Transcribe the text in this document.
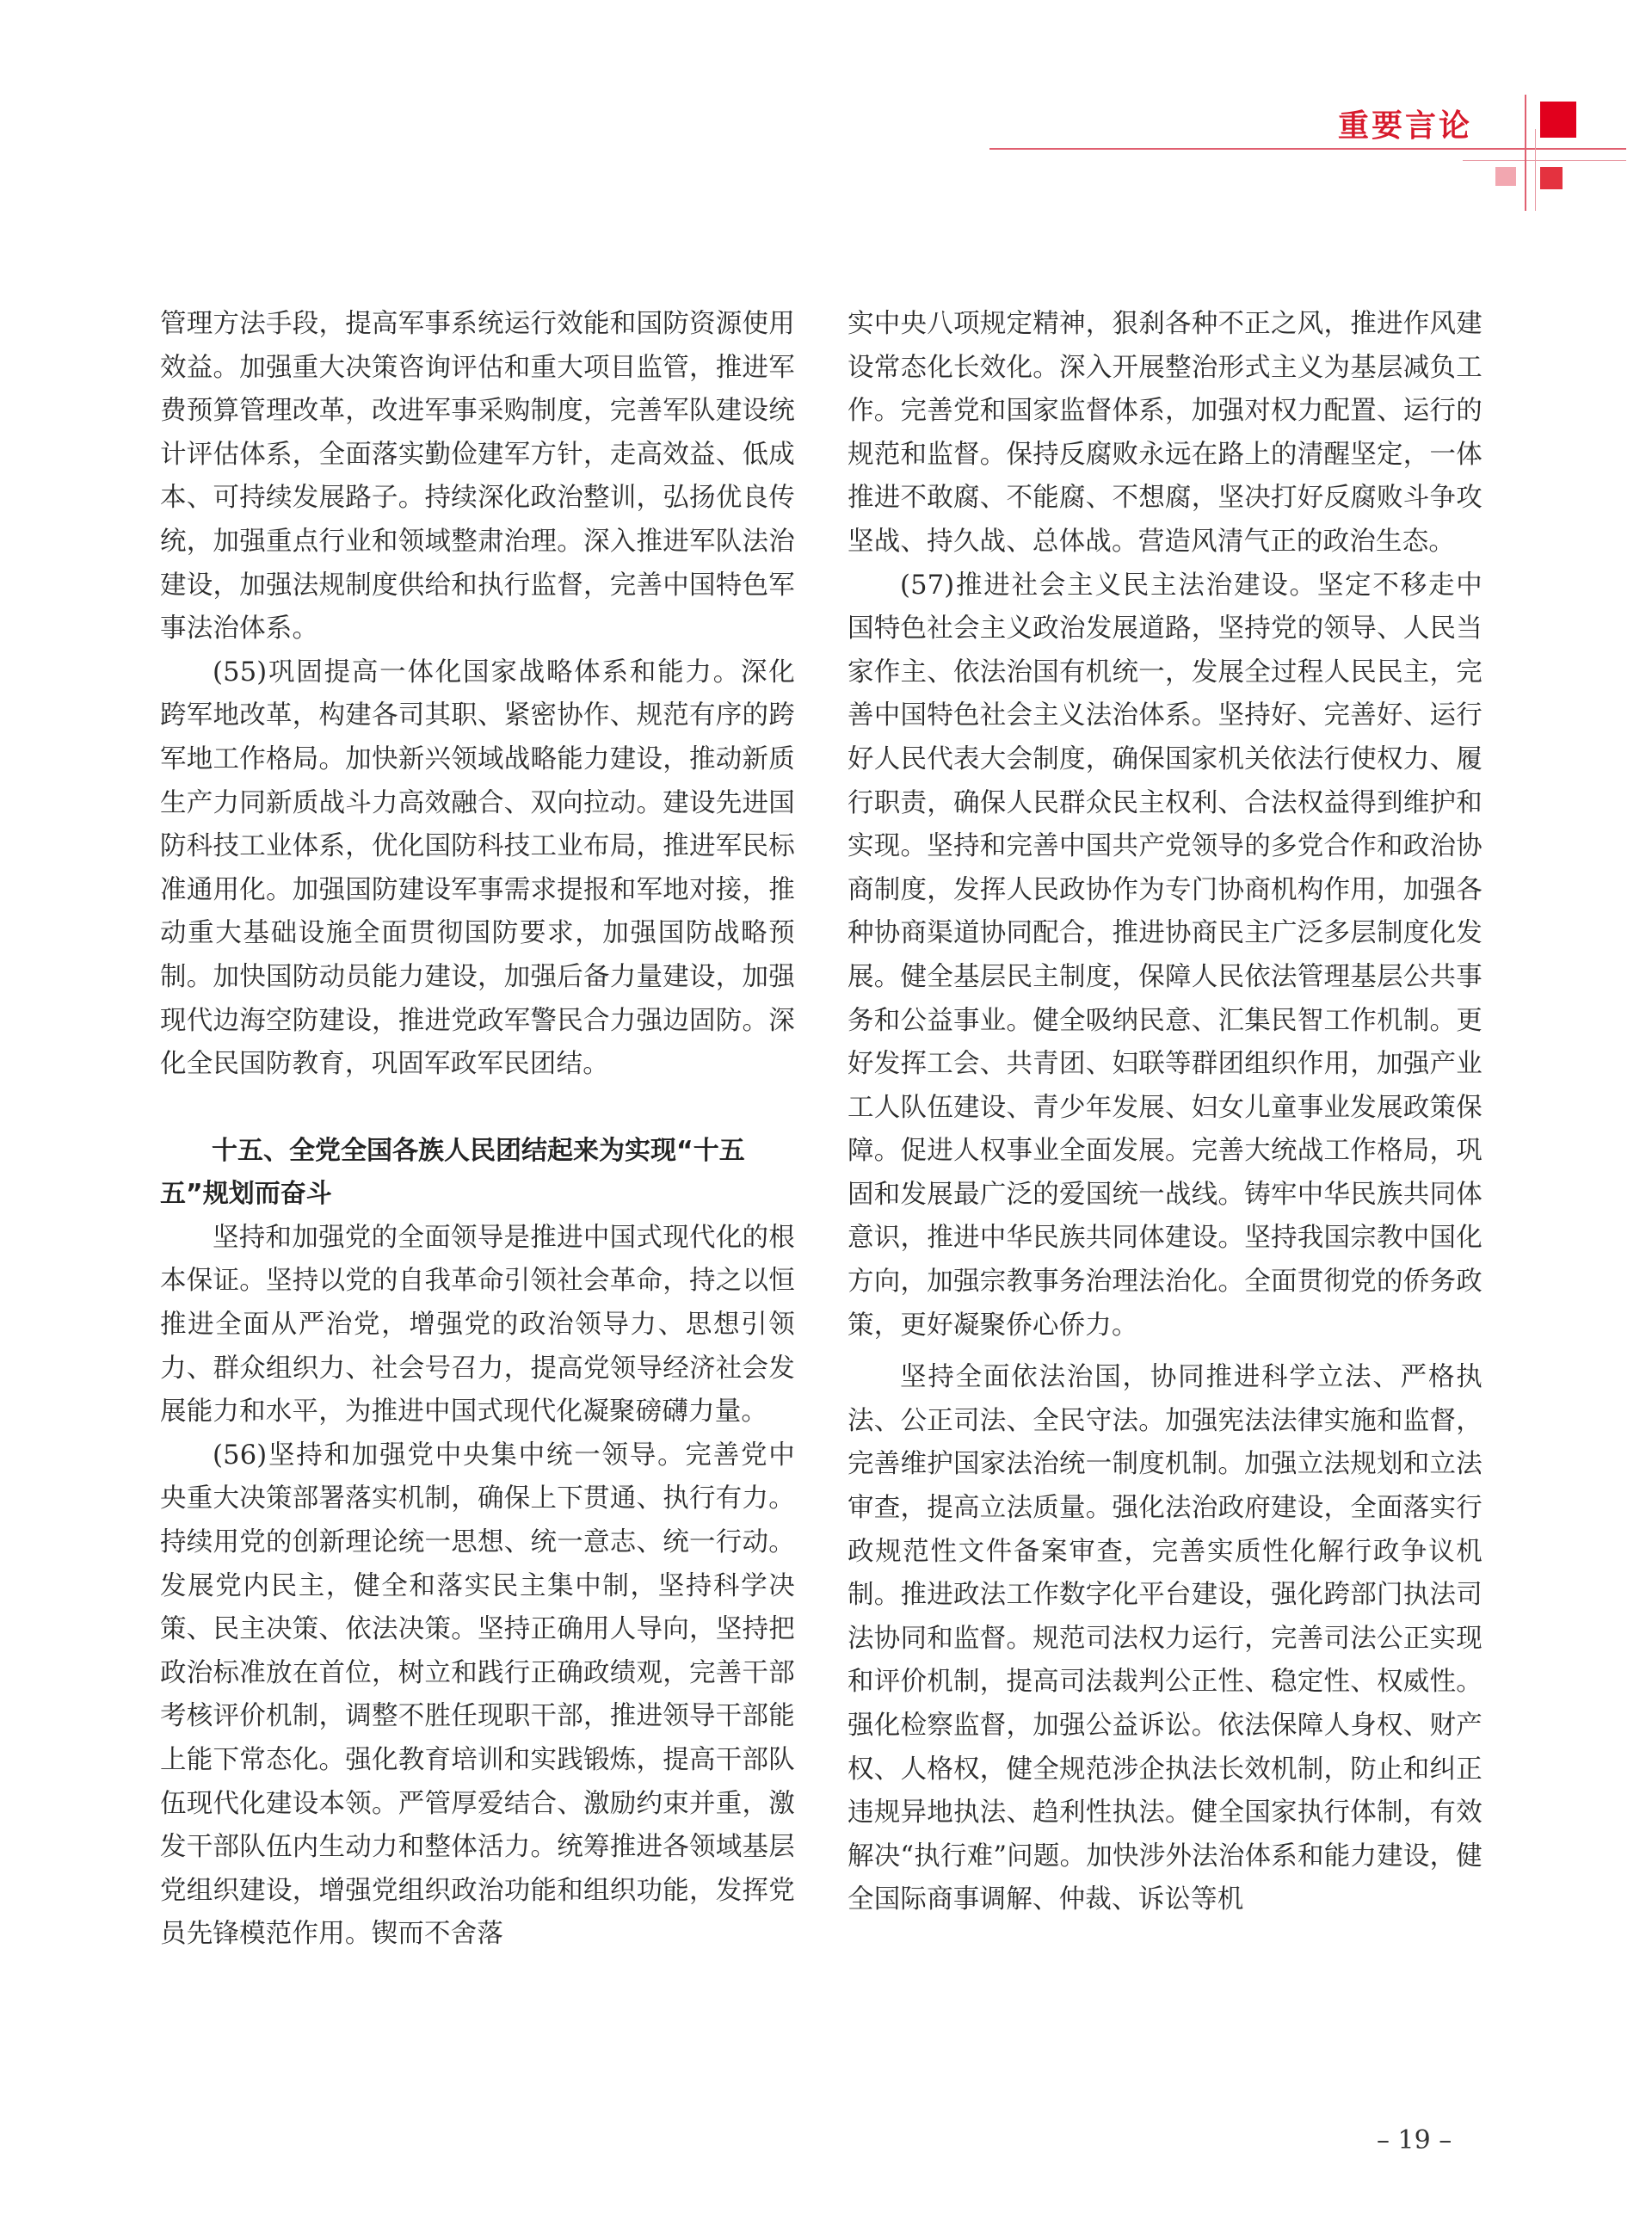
重要言论

管理方法手段，提高军事系统运行效能和国防资源使用效益。加强重大决策咨询评估和重大项目监管，推进军费预算管理改革，改进军事采购制度，完善军队建设统计评估体系，全面落实勤俭建军方针，走高效益、低成本、可持续发展路子。持续深化政治整训，弘扬优良传统，加强重点行业和领域整肃治理。深入推进军队法治建设，加强法规制度供给和执行监督，完善中国特色军事法治体系。

(55)巩固提高一体化国家战略体系和能力。深化跨军地改革，构建各司其职、紧密协作、规范有序的跨军地工作格局。加快新兴领域战略能力建设，推动新质生产力同新质战斗力高效融合、双向拉动。建设先进国防科技工业体系，优化国防科技工业布局，推进军民标准通用化。加强国防建设军事需求提报和军地对接，推动重大基础设施全面贯彻国防要求，加强国防战略预制。加快国防动员能力建设，加强后备力量建设，加强现代边海空防建设，推进党政军警民合力强边固防。深化全民国防教育，巩固军政军民团结。

十五、全党全国各族人民团结起来为实现“十五五”规划而奋斗

坚持和加强党的全面领导是推进中国式现代化的根本保证。坚持以党的自我革命引领社会革命，持之以恒推进全面从严治党，增强党的政治领导力、思想引领力、群众组织力、社会号召力，提高党领导经济社会发展能力和水平，为推进中国式现代化凝聚磅礴力量。

(56)坚持和加强党中央集中统一领导。完善党中央重大决策部署落实机制，确保上下贯通、执行有力。持续用党的创新理论统一思想、统一意志、统一行动。发展党内民主，健全和落实民主集中制，坚持科学决策、民主决策、依法决策。坚持正确用人导向，坚持把政治标准放在首位，树立和践行正确政绩观，完善干部考核评价机制，调整不胜任现职干部，推进领导干部能上能下常态化。强化教育培训和实践锻炼，提高干部队伍现代化建设本领。严管厚爱结合、激励约束并重，激发干部队伍内生动力和整体活力。统筹推进各领域基层党组织建设，增强党组织政治功能和组织功能，发挥党员先锋模范作用。锲而不舍落

实中央八项规定精神，狠刹各种不正之风，推进作风建设常态化长效化。深入开展整治形式主义为基层减负工作。完善党和国家监督体系，加强对权力配置、运行的规范和监督。保持反腐败永远在路上的清醒坚定，一体推进不敢腐、不能腐、不想腐，坚决打好反腐败斗争攻坚战、持久战、总体战。营造风清气正的政治生态。

(57)推进社会主义民主法治建设。坚定不移走中国特色社会主义政治发展道路，坚持党的领导、人民当家作主、依法治国有机统一，发展全过程人民民主，完善中国特色社会主义法治体系。坚持好、完善好、运行好人民代表大会制度，确保国家机关依法行使权力、履行职责，确保人民群众民主权利、合法权益得到维护和实现。坚持和完善中国共产党领导的多党合作和政治协商制度，发挥人民政协作为专门协商机构作用，加强各种协商渠道协同配合，推进协商民主广泛多层制度化发展。健全基层民主制度，保障人民依法管理基层公共事务和公益事业。健全吸纳民意、汇集民智工作机制。更好发挥工会、共青团、妇联等群团组织作用，加强产业工人队伍建设、青少年发展、妇女儿童事业发展政策保障。促进人权事业全面发展。完善大统战工作格局，巩固和发展最广泛的爱国统一战线。铸牢中华民族共同体意识，推进中华民族共同体建设。坚持我国宗教中国化方向，加强宗教事务治理法治化。全面贯彻党的侨务政策，更好凝聚侨心侨力。

坚持全面依法治国，协同推进科学立法、严格执法、公正司法、全民守法。加强宪法法律实施和监督，完善维护国家法治统一制度机制。加强立法规划和立法审查，提高立法质量。强化法治政府建设，全面落实行政规范性文件备案审查，完善实质性化解行政争议机制。推进政法工作数字化平台建设，强化跨部门执法司法协同和监督。规范司法权力运行，完善司法公正实现和评价机制，提高司法裁判公正性、稳定性、权威性。强化检察监督，加强公益诉讼。依法保障人身权、财产权、人格权，健全规范涉企执法长效机制，防止和纠正违规异地执法、趋利性执法。健全国家执行体制，有效解决“执行难”问题。加快涉外法治体系和能力建设，健全国际商事调解、仲裁、诉讼等机

– 19 –
